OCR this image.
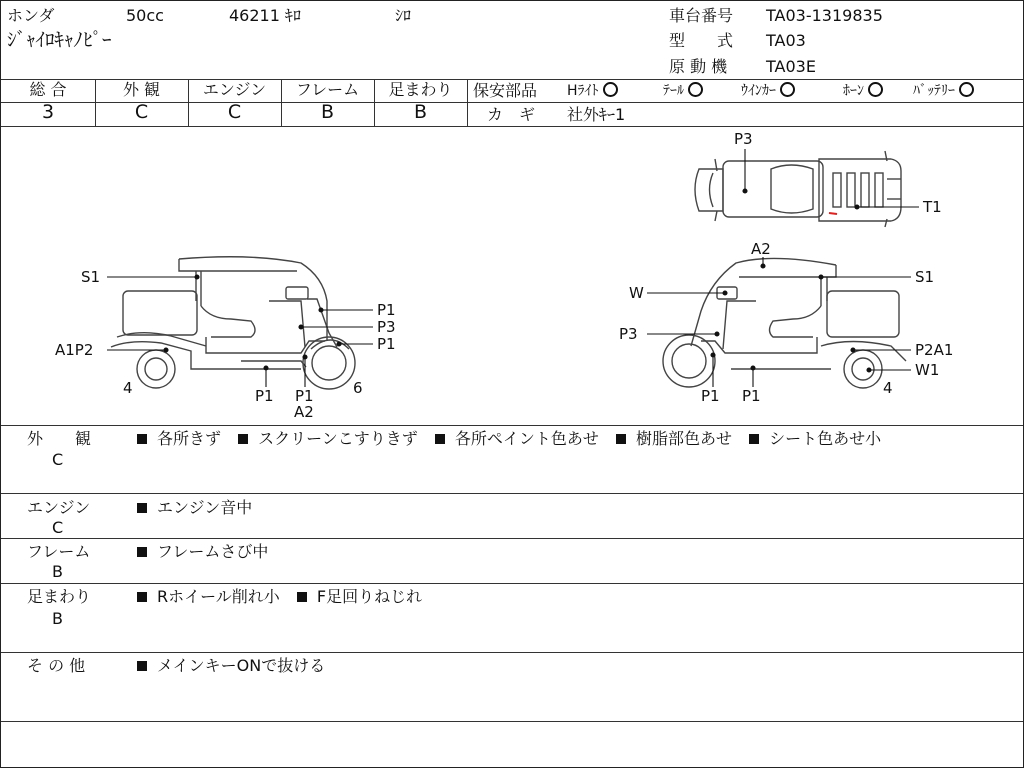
ホンダ	50cc	46211 ｷﾛ	ｼﾛ
ｼﾞｬｲﾛｷｬﾉﾋﾟｰ
車台番号 TA03-1319835
型　　式 TA03
原 動 機 TA03E
総 合
3
外 観
C
エンジン
C
フレーム
B
足まわり
B
保安部品 Hﾗｲﾄ	ﾃｰﾙ	ｳｲﾝｶｰ	ﾎｰﾝ	ﾊﾞｯﾃﾘｰ
カ　ギ 社外ｷｰ1
S1
P1
P3
P1
A1P2
4	6
P1 P1
A2
P3
T1
A2
S1
W
P3
P2A1
W1
4
P1 P1
外　　観
C
各所きず スクリーンこすりきず 各所ペイント色あせ 樹脂部色あせ シート色あせ小
エンジン
C
エンジン音中
フレーム
B
フレームさび中
足まわり
B
Rホイール削れ小 F足回りねじれ
そ の 他	メインキーONで抜ける
